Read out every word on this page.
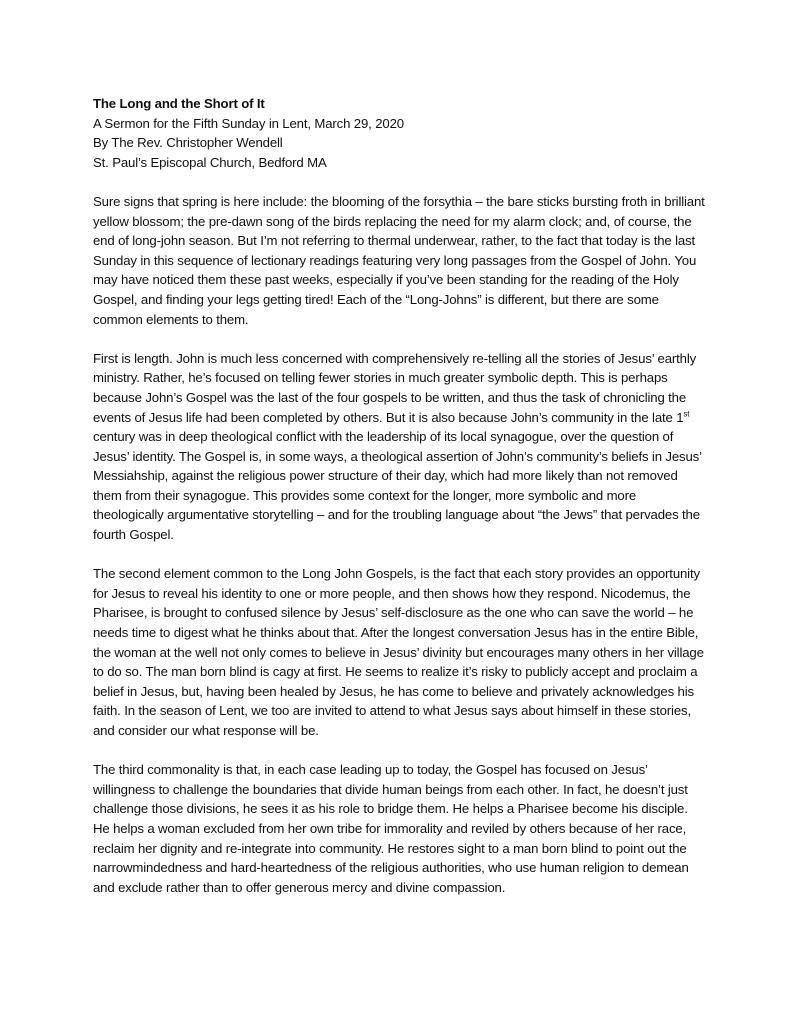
The Long and the Short of It

A Sermon for the Fifth Sunday in Lent, March 29, 2020

By The Rev. Christopher Wendell

St. Paul’s Episcopal Church, Bedford MA

Sure signs that spring is here include: the blooming of the forsythia – the bare sticks bursting froth in brilliant yellow blossom; the pre-dawn song of the birds replacing the need for my alarm clock; and, of course, the end of long-john season. But I’m not referring to thermal underwear, rather, to the fact that today is the last Sunday in this sequence of lectionary readings featuring very long passages from the Gospel of John. You may have noticed them these past weeks, especially if you’ve been standing for the reading of the Holy Gospel, and finding your legs getting tired! Each of the “Long-Johns” is different, but there are some common elements to them.

First is length. John is much less concerned with comprehensively re-telling all the stories of Jesus’ earthly ministry. Rather, he’s focused on telling fewer stories in much greater symbolic depth. This is perhaps because John’s Gospel was the last of the four gospels to be written, and thus the task of chronicling the events of Jesus life had been completed by others. But it is also because John’s community in the late 1st century was in deep theological conflict with the leadership of its local synagogue, over the question of Jesus’ identity. The Gospel is, in some ways, a theological assertion of John’s community’s beliefs in Jesus’ Messiahship, against the religious power structure of their day, which had more likely than not removed them from their synagogue. This provides some context for the longer, more symbolic and more theologically argumentative storytelling – and for the troubling language about “the Jews” that pervades the fourth Gospel.

The second element common to the Long John Gospels, is the fact that each story provides an opportunity for Jesus to reveal his identity to one or more people, and then shows how they respond. Nicodemus, the Pharisee, is brought to confused silence by Jesus’ self-disclosure as the one who can save the world – he needs time to digest what he thinks about that. After the longest conversation Jesus has in the entire Bible, the woman at the well not only comes to believe in Jesus’ divinity but encourages many others in her village to do so. The man born blind is cagy at first. He seems to realize it’s risky to publicly accept and proclaim a belief in Jesus, but, having been healed by Jesus, he has come to believe and privately acknowledges his faith. In the season of Lent, we too are invited to attend to what Jesus says about himself in these stories, and consider our what response will be.

The third commonality is that, in each case leading up to today, the Gospel has focused on Jesus’ willingness to challenge the boundaries that divide human beings from each other. In fact, he doesn’t just challenge those divisions, he sees it as his role to bridge them. He helps a Pharisee become his disciple. He helps a woman excluded from her own tribe for immorality and reviled by others because of her race, reclaim her dignity and re-integrate into community. He restores sight to a man born blind to point out the narrowmindedness and hard-heartedness of the religious authorities, who use human religion to demean and exclude rather than to offer generous mercy and divine compassion.
